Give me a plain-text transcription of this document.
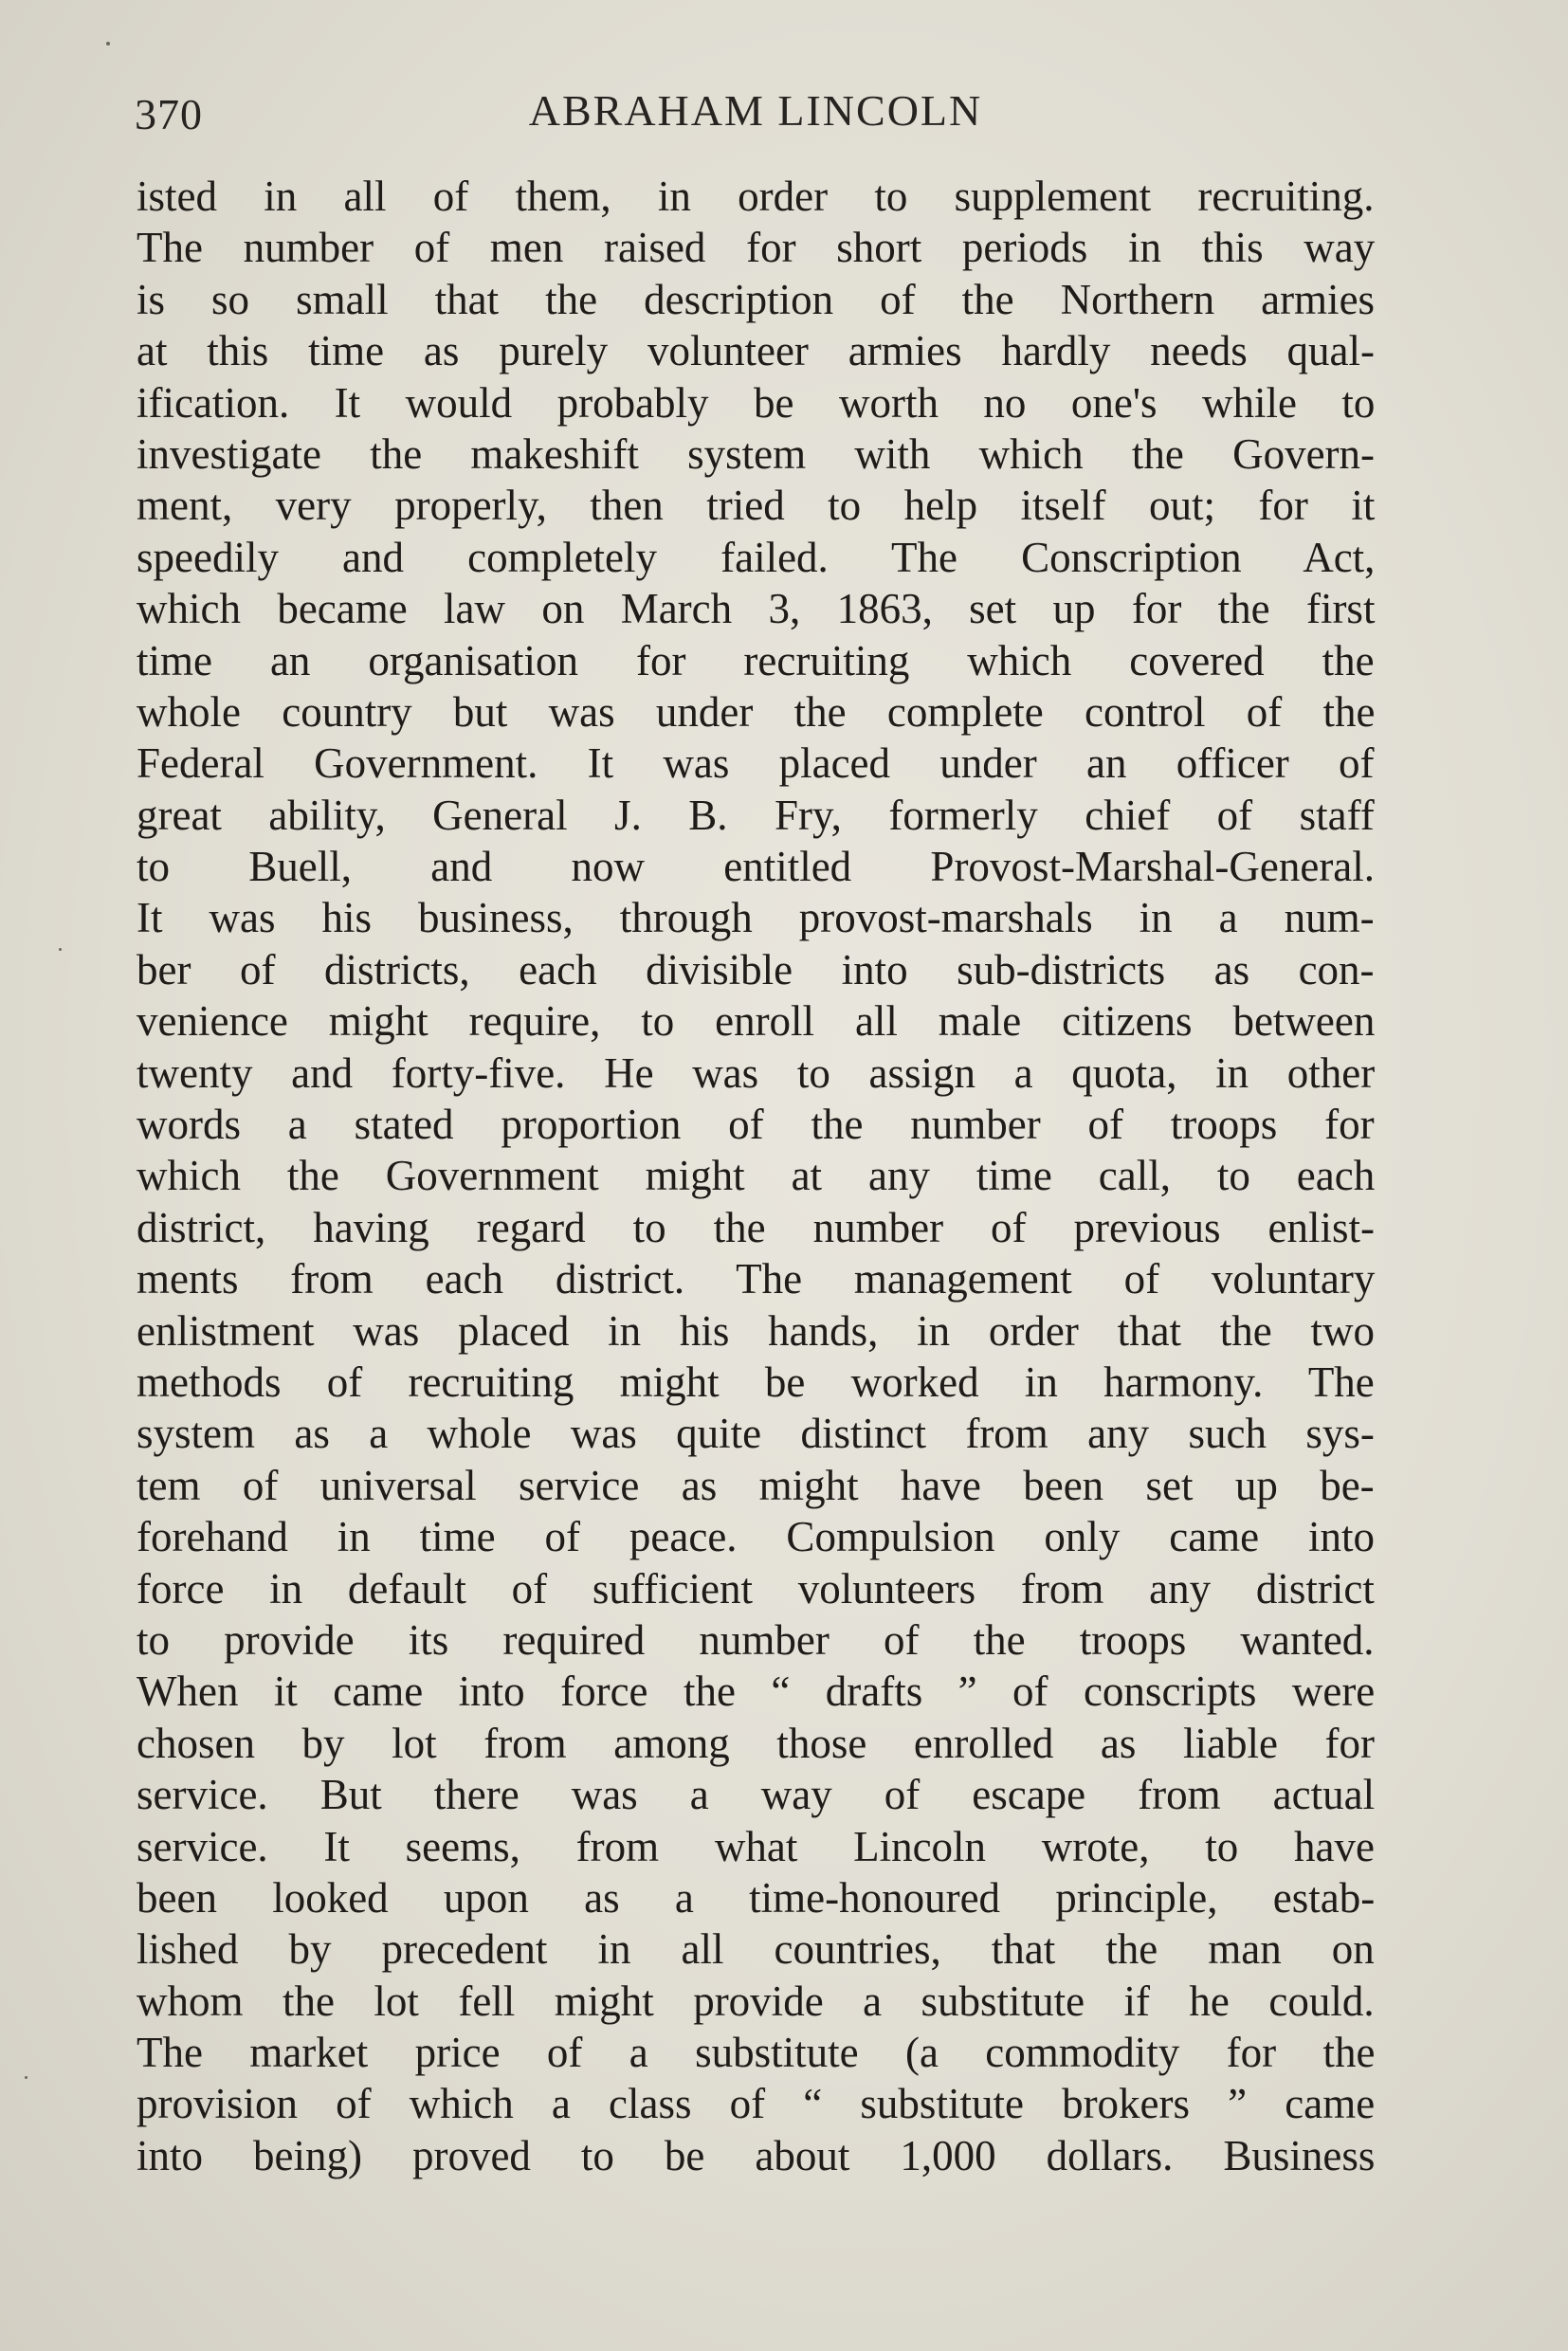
370	ABRAHAM LINCOLN
isted in all of them, in order to supplement recruiting.
The number of men raised for short periods in this way
is so small that the description of the Northern armies
at this time as purely volunteer armies hardly needs qual-
ification. It would probably be worth no one's while to
investigate the makeshift system with which the Govern-
ment, very properly, then tried to help itself out; for it
speedily and completely failed. The Conscription Act,
which became law on March 3, 1863, set up for the first
time an organisation for recruiting which covered the
whole country but was under the complete control of the
Federal Government. It was placed under an officer of
great ability, General J. B. Fry, formerly chief of staff
to Buell, and now entitled Provost-Marshal-General.
It was his business, through provost-marshals in a num-
ber of districts, each divisible into sub-districts as con-
venience might require, to enroll all male citizens between
twenty and forty-five. He was to assign a quota, in other
words a stated proportion of the number of troops for
which the Government might at any time call, to each
district, having regard to the number of previous enlist-
ments from each district. The management of voluntary
enlistment was placed in his hands, in order that the two
methods of recruiting might be worked in harmony. The
system as a whole was quite distinct from any such sys-
tem of universal service as might have been set up be-
forehand in time of peace. Compulsion only came into
force in default of sufficient volunteers from any district
to provide its required number of the troops wanted.
When it came into force the “ drafts ” of conscripts were
chosen by lot from among those enrolled as liable for
service. But there was a way of escape from actual
service. It seems, from what Lincoln wrote, to have
been looked upon as a time-honoured principle, estab-
lished by precedent in all countries, that the man on
whom the lot fell might provide a substitute if he could.
The market price of a substitute (a commodity for the
provision of which a class of “ substitute brokers ” came
into being) proved to be about 1,000 dollars. Business
